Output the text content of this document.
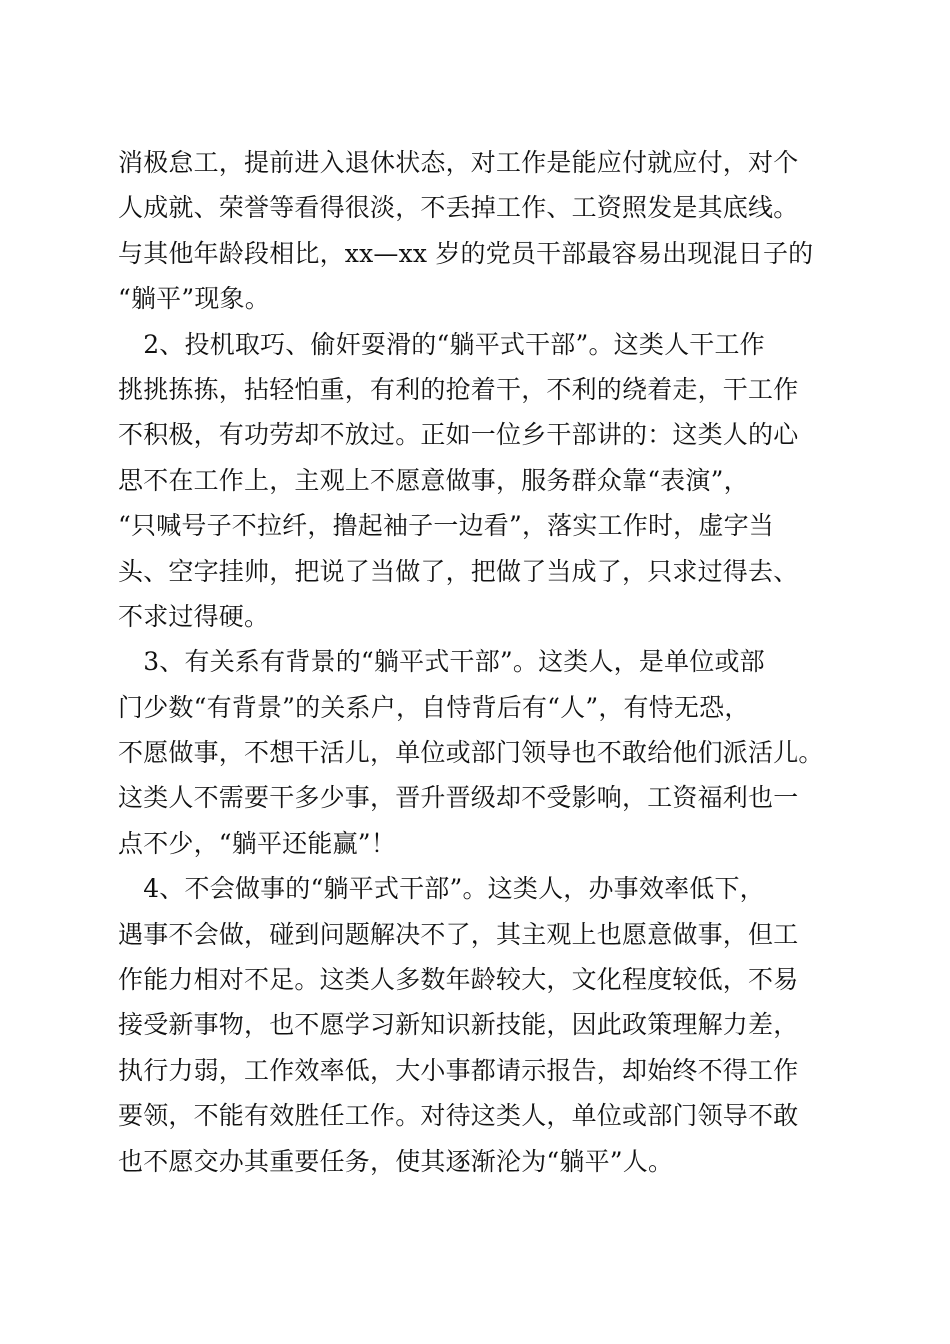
消极怠工，提前进入退休状态，对工作是能应付就应付，对个
人成就、荣誉等看得很淡，不丢掉工作、工资照发是其底线。
与其他年龄段相比，xx—xx 岁的党员干部最容易出现混日子的
“躺平”现象。
　2、投机取巧、偷奸耍滑的“躺平式干部”。这类人干工作
挑挑拣拣，拈轻怕重，有利的抢着干，不利的绕着走，干工作
不积极，有功劳却不放过。正如一位乡干部讲的：这类人的心
思不在工作上，主观上不愿意做事，服务群众靠“表演”，
“只喊号子不拉纤，撸起袖子一边看”，落实工作时，虚字当
头、空字挂帅，把说了当做了，把做了当成了，只求过得去、
不求过得硬。
　3、有关系有背景的“躺平式干部”。这类人，是单位或部
门少数“有背景”的关系户，自恃背后有“人”，有恃无恐，
不愿做事，不想干活儿，单位或部门领导也不敢给他们派活儿。
这类人不需要干多少事，晋升晋级却不受影响，工资福利也一
点不少，“躺平还能赢”！
　4、不会做事的“躺平式干部”。这类人，办事效率低下，
遇事不会做，碰到问题解决不了，其主观上也愿意做事，但工
作能力相对不足。这类人多数年龄较大，文化程度较低，不易
接受新事物，也不愿学习新知识新技能，因此政策理解力差，
执行力弱，工作效率低，大小事都请示报告，却始终不得工作
要领，不能有效胜任工作。对待这类人，单位或部门领导不敢
也不愿交办其重要任务，使其逐渐沦为“躺平”人。
